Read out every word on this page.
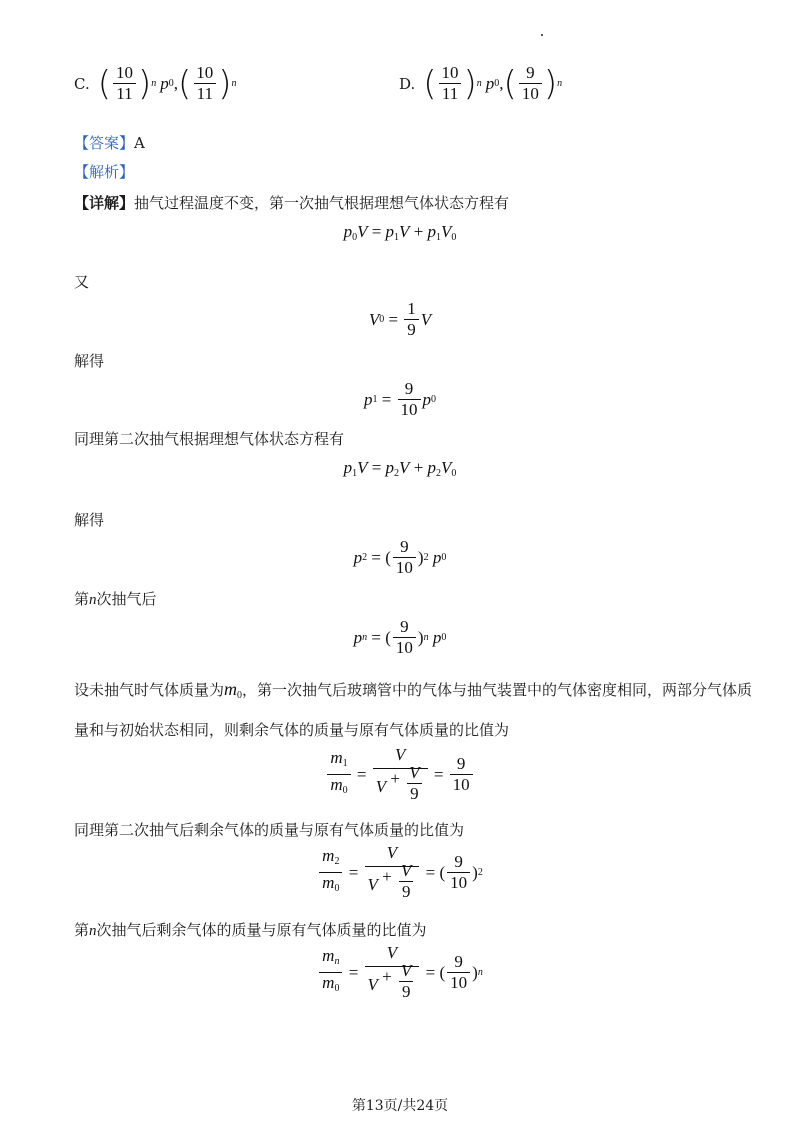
C. ( $\frac{10}{11}$ ) n p 0 , ( $\frac{10}{11}$ ) n	D. ( $\frac{10}{11}$ ) n p 0 , ( $\frac{9}{10}$ ) n
【答案】A
【解析】
【详解】抽气过程温度不变，第一次抽气根据理想气体状态方程有
$p_0V = p_1V + p_1V_0$
又
V $0 = \frac{1}{9}$ V
解得
p $1 = \frac{9}{10}$ p 0
同理第二次抽气根据理想气体状态方程有
$p_1V = p_2V + p_2V_0$
解得
p 2 = ( $\frac{9}{10}$ ) 2
p 0
第n次抽气后
p n = ( $\frac{9}{10}$ ) n
p 0
设未抽气时气体质量为$m_0$，第一次抽气后玻璃管中的气体与抽气装置中的气体密度相同，两部分气体质
量和与初始状态相同，则剩余气体的质量与原有气体质量的比值为
$\frac{m_1}{m_0} = \frac{V}{V + \frac{V}{9}} = \frac{9}{10}$
同理第二次抽气后剩余气体的质量与原有气体质量的比值为
$\frac{m_2}{m_0} = \frac{V}{V + \frac{V}{9}}$ = ( $\frac{9}{10}$ ) 2
第n次抽气后剩余气体的质量与原有气体质量的比值为
$\frac{m_n}{m_0} = \frac{V}{V + \frac{V}{9}}$ = ( $\frac{9}{10}$ ) n
第13页/共24页
